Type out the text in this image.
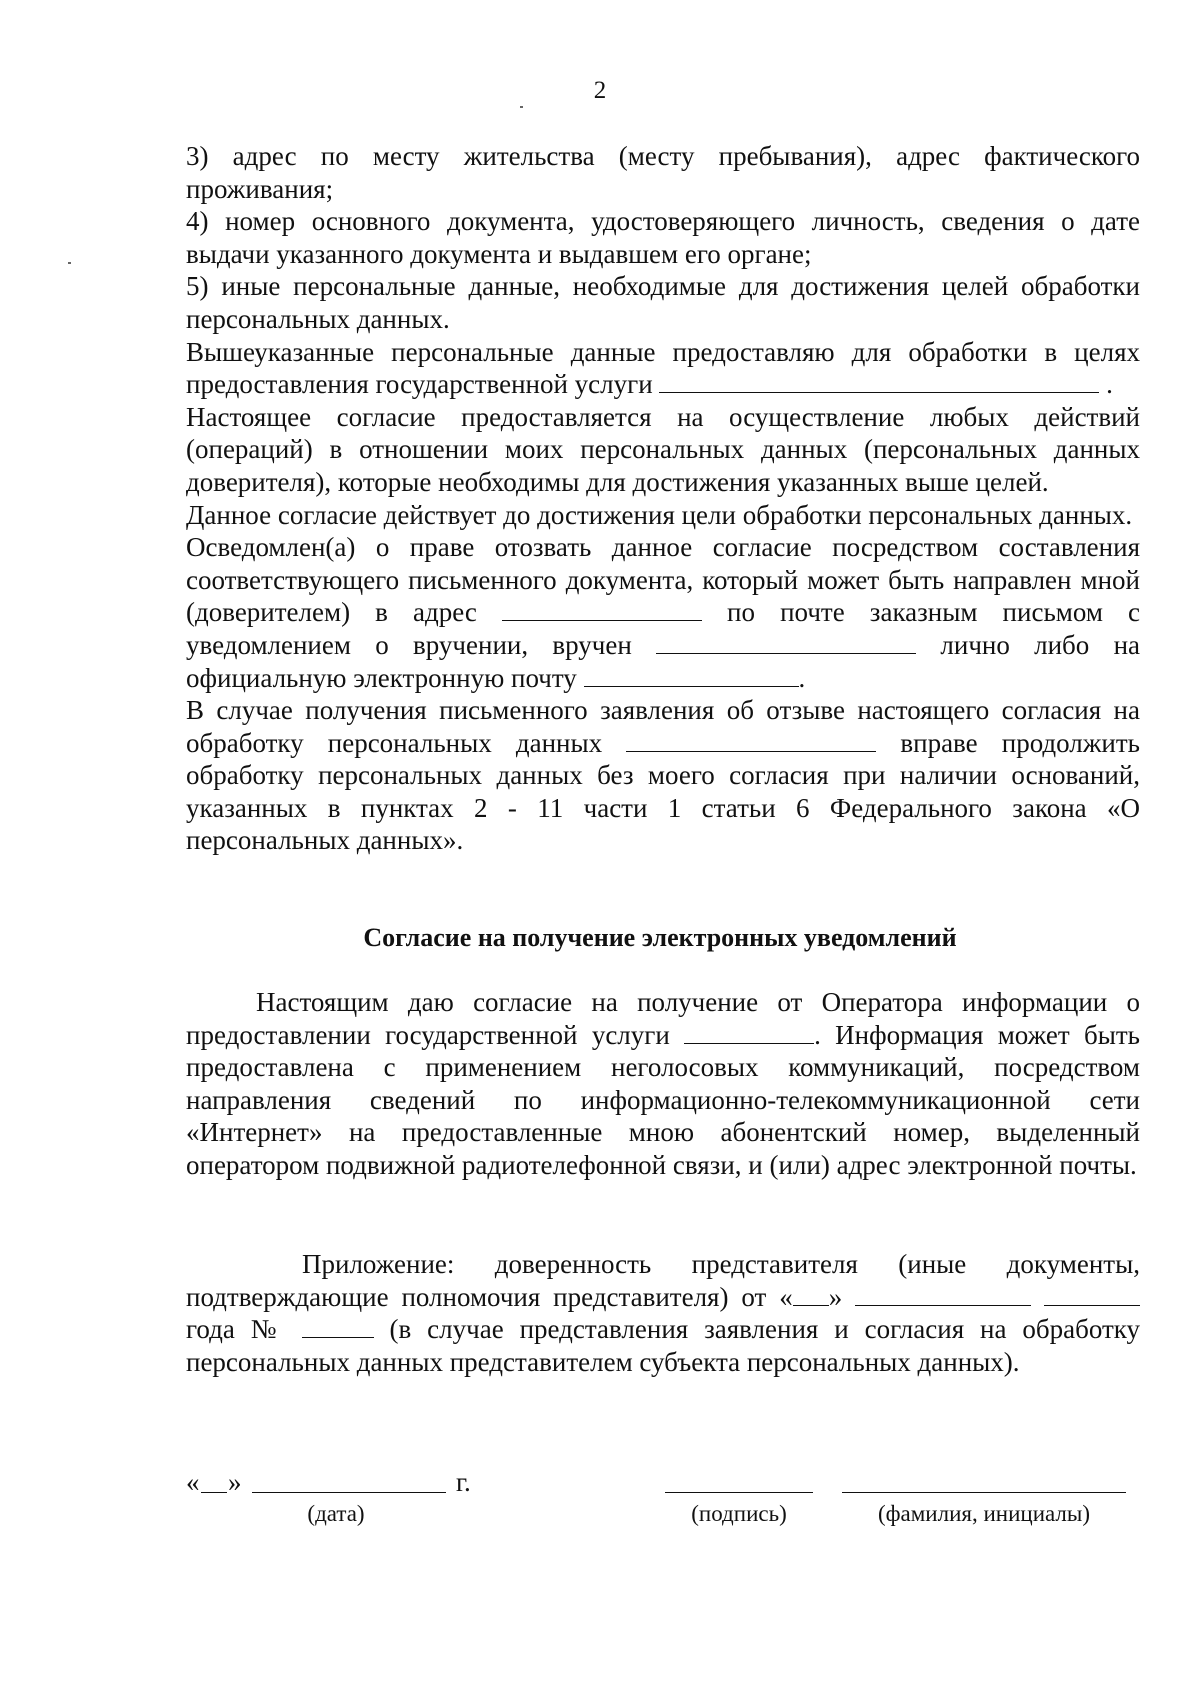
2

3) адрес по месту жительства (месту пребывания), адрес фактического проживания;

4) номер основного документа, удостоверяющего личность, сведения о дате выдачи указанного документа и выдавшем его органе;

5) иные персональные данные, необходимые для достижения целей обработки персональных данных.

Вышеуказанные персональные данные предоставляю для обработки в целях предоставления государственной услуги	.

Настоящее согласие предоставляется на осуществление любых действий (операций) в отношении моих персональных данных (персональных данных доверителя), которые необходимы для достижения указанных выше целей.

Данное согласие действует до достижения цели обработки персональных данных.

Осведомлен(а) о праве отозвать данное согласие посредством составления соответствующего письменного документа, который может быть направлен мной (доверителем) в адрес	по почте заказным письмом с уведомлением о вручении, вручен	лично либо на официальную электронную почту	.

В случае получения письменного заявления об отзыве настоящего согласия на обработку персональных данных	вправе продолжить обработку персональных данных без моего согласия при наличии оснований, указанных в пунктах 2 - 11 части 1 статьи 6 Федерального закона «О персональных данных».

Согласие на получение электронных уведомлений

Настоящим даю согласие на получение от Оператора информации о предоставлении государственной услуги	. Информация может быть предоставлена с применением неголосовых коммуникаций, посредством направления сведений по информационно-телекоммуникационной сети «Интернет» на предоставленные мною абонентский номер, выделенный оператором подвижной радиотелефонной связи, и (или) адрес электронной почты.

Приложение: доверенность представителя (иные документы, подтверждающие полномочия представителя) от « »   года №	(в случае представления заявления и согласия на обработку персональных данных представителем субъекта персональных данных).

« »	г.
(дата)	(подпись)	(фамилия, инициалы)
